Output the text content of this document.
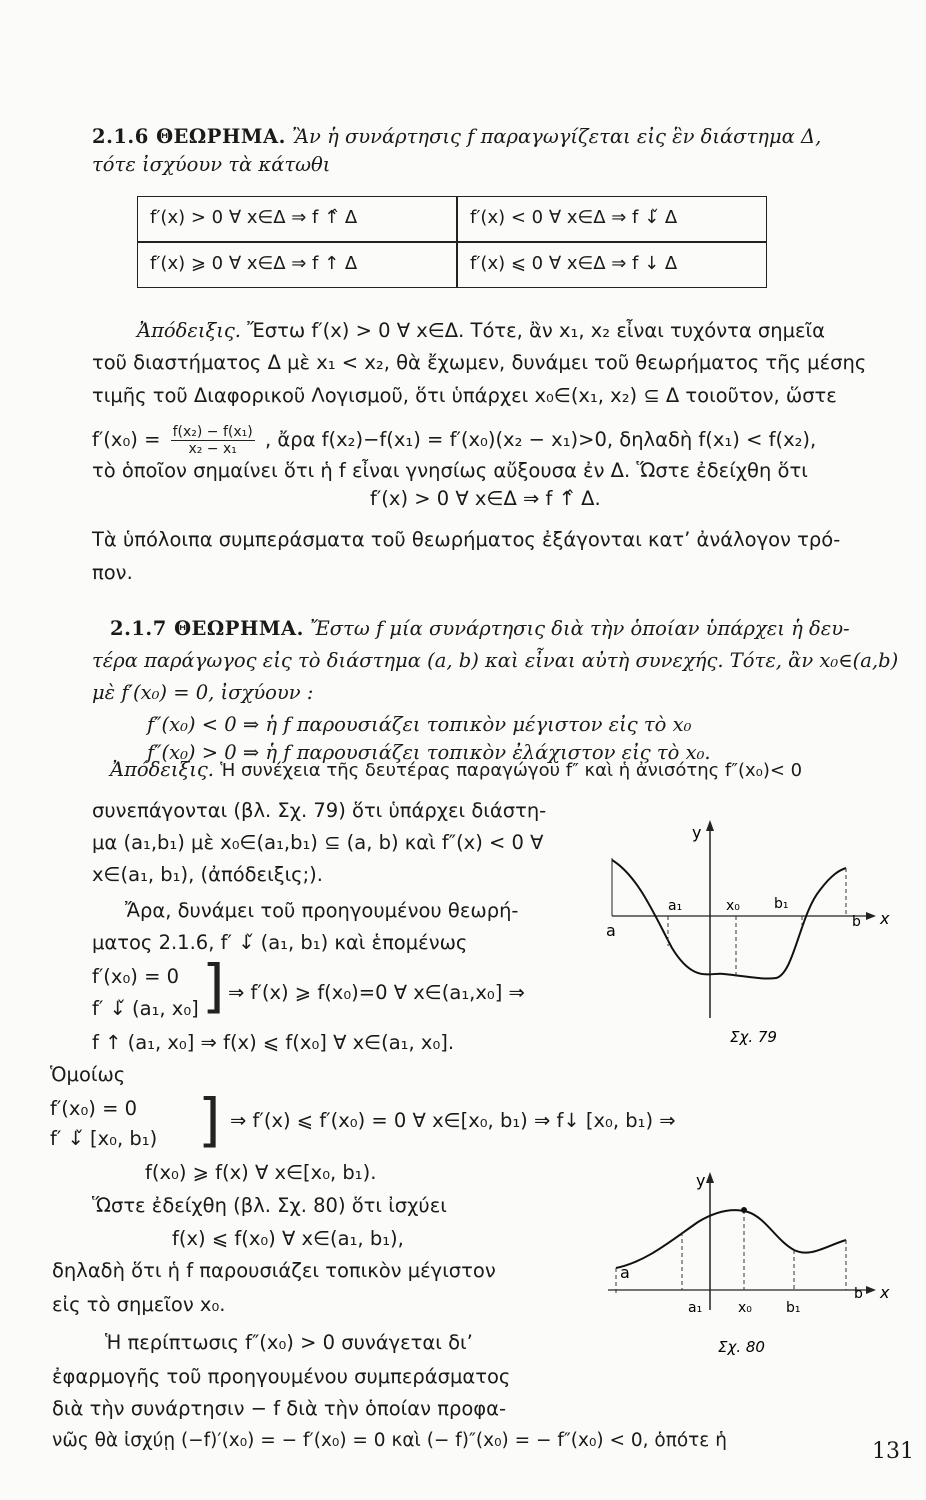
2.1.6 ΘΕΩΡΗΜΑ. Ἂν ἡ συνάρτησις f παραγωγίζεται εἰς ἓν διάστημα Δ,
τότε ἰσχύουν τὰ κάτωθι
f′(x) > 0 ∀ x∈Δ ⇒ f ↑̂ Δ	f′(x) < 0 ∀ x∈Δ ⇒ f ↓̌ Δ
f′(x) ⩾ 0 ∀ x∈Δ ⇒ f ↑ Δ	f′(x) ⩽ 0 ∀ x∈Δ ⇒ f ↓ Δ
Ἀπόδειξις. Ἔστω f′(x) > 0 ∀ x∈Δ. Τότε, ἂν x₁, x₂ εἶναι τυχόντα σημεῖα
τοῦ διαστήματος Δ μὲ x₁ < x₂, θὰ ἔχωμεν, δυνάμει τοῦ θεωρήματος τῆς μέσης
τιμῆς τοῦ Διαφορικοῦ Λογισμοῦ, ὅτι ὑπάρχει x₀∈(x₁, x₂) ⊆ Δ τοιοῦτον, ὥστε
$f'(x_0) = \frac{\text{f(x₂) − f(x₁)}}{\text{x₂ − x₁}}$ , ἄρα f(x₂)−f(x₁) = f′(x₀)(x₂ − x₁)>0, δηλαδὴ f(x₁) < f(x₂),
τὸ ὁποῖον σημαίνει ὅτι ἡ f εἶναι γνησίως αὔξουσα ἐν Δ. Ὥστε ἐδείχθη ὅτι
f′(x) > 0 ∀ x∈Δ ⇒ f ↑̂ Δ.
Τὰ ὑπόλοιπα συμπεράσματα τοῦ θεωρήματος ἐξάγονται κατ’ ἀνάλογον τρό-
πον.
2.1.7 ΘΕΩΡΗΜΑ. Ἔστω f μία συνάρτησις διὰ τὴν ὁποίαν ὑπάρχει ἡ δευ-
τέρα παράγωγος εἰς τὸ διάστημα (a, b) καὶ εἶναι αὐτὴ συνεχής. Τότε, ἂν x₀∈(a,b)
μὲ f′(x₀) = 0, ἰσχύουν :
f″(x₀) < 0 ⇒ ἡ f παρουσιάζει τοπικὸν μέγιστον εἰς τὸ x₀
f″(x₀) > 0 ⇒ ἡ f παρουσιάζει τοπικὸν ἐλάχιστον εἰς τὸ x₀.
Ἀπόδειξις. Ἡ συνέχεια τῆς δευτέρας παραγώγου f″ καὶ ἡ ἀνισότης f″(x₀)< 0
συνεπάγονται (βλ. Σχ. 79) ὅτι ὑπάρχει διάστη-
μα (a₁,b₁) μὲ x₀∈(a₁,b₁) ⊆ (a, b) καὶ f″(x) < 0 ∀
x∈(a₁, b₁), (ἀπόδειξις;).
Ἄρα, δυνάμει τοῦ προηγουμένου θεωρή-
ματος 2.1.6, f′ ↓̌ (a₁, b₁) καὶ ἑπομένως
f′(x₀) = 0
f′ ↓̌ (a₁, x₀] ] ⇒ f′(x) ⩾ f(x₀)=0 ∀ x∈(a₁,x₀] ⇒
f ↑ (a₁, x₀] ⇒ f(x) ⩽ f(x₀] ∀ x∈(a₁, x₀].
Ὁμοίως
f′(x₀) = 0
f′ ↓̌ [x₀, b₁) ] ⇒ f′(x) ⩽ f′(x₀) = 0 ∀ x∈[x₀, b₁) ⇒ f↓ [x₀, b₁) ⇒
f(x₀) ⩾ f(x) ∀ x∈[x₀, b₁).
Ὥστε ἐδείχθη (βλ. Σχ. 80) ὅτι ἰσχύει
f(x) ⩽ f(x₀) ∀ x∈(a₁, b₁),
δηλαδὴ ὅτι ἡ f παρουσιάζει τοπικὸν μέγιστον
εἰς τὸ σημεῖον x₀.
Ἡ περίπτωσις f″(x₀) > 0 συνάγεται δι’
ἐφαρμογῆς τοῦ προηγουμένου συμπεράσματος
διὰ τὴν συνάρτησιν − f διὰ τὴν ὁποίαν προφα-
νῶς θὰ ἰσχύῃ (−f)′(x₀) = − f′(x₀) = 0 καὶ (− f)″(x₀) = − f″(x₀) < 0, ὁπότε ἡ
y
x
a
a₁	x₀ b₁
b
Σχ. 79
y
x
a
a₁	x₀ b₁
b
Σχ. 80
131
